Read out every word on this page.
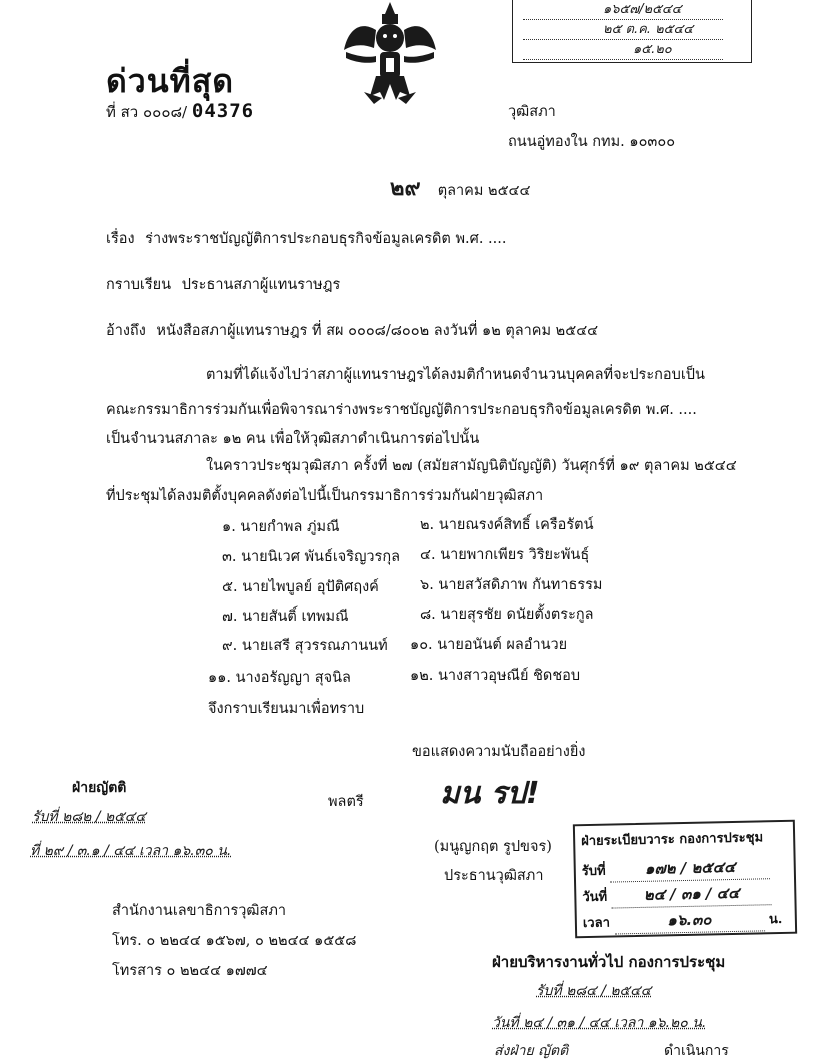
๑๖๕๗/๒๕๔๔
๒๕ ต.ค. ๒๕๔๔
๑๕.๒๐
ด่วนที่สุด
ที่ สว ๐๐๐๘/ 04376	วุฒิสภา
ถนนอู่ทองใน กทม. ๑๐๓๐๐
๒๙ ตุลาคม ๒๕๔๔
เรื่อง ร่างพระราชบัญญัติการประกอบธุรกิจข้อมูลเครดิต พ.ศ. ....
กราบเรียน ประธานสภาผู้แทนราษฎร
อ้างถึง หนังสือสภาผู้แทนราษฎร ที่ สผ ๐๐๐๘/๘๐๐๒ ลงวันที่ ๑๒ ตุลาคม ๒๕๔๔
ตามที่ได้แจ้งไปว่าสภาผู้แทนราษฎรได้ลงมติกำหนดจำนวนบุคคลที่จะประกอบเป็น
คณะกรรมาธิการร่วมกันเพื่อพิจารณาร่างพระราชบัญญัติการประกอบธุรกิจข้อมูลเครดิต พ.ศ. ....
เป็นจำนวนสภาละ ๑๒ คน เพื่อให้วุฒิสภาดำเนินการต่อไปนั้น
ในคราวประชุมวุฒิสภา ครั้งที่ ๒๗ (สมัยสามัญนิติบัญญัติ) วันศุกร์ที่ ๑๙ ตุลาคม ๒๕๔๔
ที่ประชุมได้ลงมติตั้งบุคคลดังต่อไปนี้เป็นกรรมาธิการร่วมกันฝ่ายวุฒิสภา
๑. นายกำพล ภู่มณี	๒. นายณรงค์สิทธิ์ เครือรัตน์
๓. นายนิเวศ พันธ์เจริญวรกุล ๔. นายพากเพียร วิริยะพันธุ์
๕. นายไพบูลย์ อุปัติศฤงค์	๖. นายสวัสดิภาพ กันทาธรรม
๗. นายสันติ์ เทพมณี	๘. นายสุรชัย ดนัยตั้งตระกูล
๙. นายเสรี สุวรรณภานนท์ ๑๐. นายอนันต์ ผลอำนวย
๑๑. นางอรัญญา สุจนิล	๑๒. นางสาวอุษณีย์ ชิดชอบ
จึงกราบเรียนมาเพื่อทราบ
ขอแสดงความนับถืออย่างยิ่ง
พลตรี	มน รป!
(มนูญกฤต รูปขจร)
ประธานวุฒิสภา
ฝ่ายญัตติ
รับที่ ๒๘๒ / ๒๕๔๔
ที่ ๒๙ / ๓.๑ / ๔๔ เวลา ๑๖.๓๐ น.
สำนักงานเลขาธิการวุฒิสภา
โทร. ๐ ๒๒๔๔ ๑๕๖๗, ๐ ๒๒๔๔ ๑๕๕๘
โทรสาร ๐ ๒๒๔๔ ๑๗๗๔
ฝ่ายระเบียบวาระ กองการประชุม
รับที่	๑๗๒ / ๒๕๔๔
วันที่ ๒๔ / ๓๑ / ๔๔
เวลา	๑๖.๓๐	น.
ฝ่ายบริหารงานทั่วไป กองการประชุม
รับที่ ๒๘๔ / ๒๕๔๔
วันที่ ๒๔ / ๓๑ / ๔๔ เวลา ๑๖.๒๐ น.
ส่งฝ่าย ญัตติ	ดำเนินการ
